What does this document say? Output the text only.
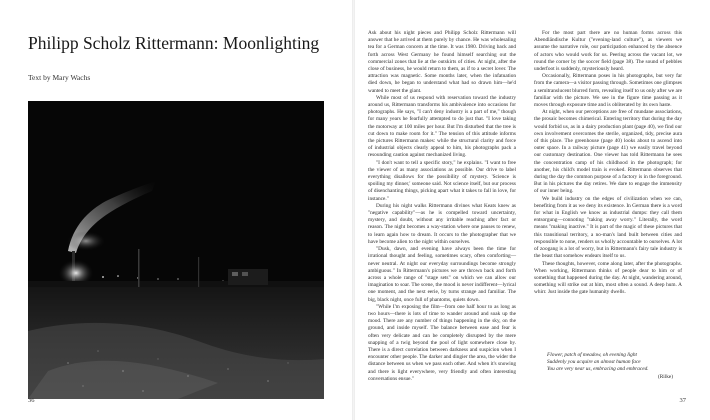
Philipp Scholz Rittermann: Moonlighting

Text by Mary Wachs

36

Ask about his night pieces and Philipp Scholz Rittermann will answer that he arrived at them purely by chance. He was wholesaling tea for a German concern at the time. It was 1980. Driving back and forth across West Germany he found himself searching out the commercial zones that lie at the outskirts of cities. At night, after the close of business, he would return to them, as if to a secret lover. The attraction was magnetic. Some months later, when the infatuation died down, he began to understand what had so drawn him—he'd wanted to meet the giant.

While most of us respond with reservation toward the industry around us, Rittermann transforms his ambivalence into occasions for photographs. He says, "I can't deny industry is a part of me," though for many years he fearfully attempted to do just that. "I love taking the motorway at 100 miles per hour. But I'm disturbed that the tree is cut down to make room for it." The tension of this attitude informs the pictures Rittermann makes: while the structural clarity and force of industrial objects clearly appeal to him, his photographs pack a resounding caution against mechanized living.

"I don't want to tell a specific story," he explains. "I want to free the viewer of as many associations as possible. Our drive to label everything disallows for the possibility of mystery. 'Science is spoiling my dinner,' someone said. Not science itself, but our process of disenchanting things, picking apart what it takes to fall in love, for instance."

During his night walks Rittermann divines what Keats knew as "negative capability"—as he is compelled toward uncertainty, mystery, and doubt, without any irritable reaching after fact or reason. The night becomes a way-station where one pauses to renew, to learn again how to dream. It occurs to the photographer that we have become alien to the night within ourselves.

"Dusk, dawn, and evening have always been the time for irrational thought and feeling, sometimes scary, often comforting—never neutral. At night our everyday surroundings become strongly ambiguous." In Rittermann's pictures we are thrown back and forth across a whole range of "stage sets" on which we can allow our imagination to soar. The scene, the mood is never indifferent—lyrical one moment, and the next eerie, by turns strange and familiar. The big, black night, once full of phantoms, quiets down.

"While I'm exposing the film—from one half hour to as long as two hours—there is lots of time to wander around and soak up the mood. There are any number of things happening in the sky, on the ground, and inside myself. The balance between ease and fear is often very delicate and can be completely disrupted by the mere snapping of a twig beyond the pool of light somewhere close by. There is a direct correlation between darkness and suspicion when I encounter other people. The darker and dingier the area, the wider the distance between us when we pass each other. And when it's snowing and there is light everywhere, very friendly and often interesting conversations ensue."

For the most part there are no human forms across this Abendländische Kultur ("evening-land culture"), as viewers we assume the narrative role, our participation enhanced by the absence of actors who would work for us. Peering across the vacant lot, we round the corner by the soccer field (page 38). The sound of pebbles underfoot is suddenly, mysteriously heard.

Occasionally, Rittermann poses in his photographs, but very far from the camera—a visitor passing through. Sometimes one glimpses a semitranslucent blurred form, revealing itself to us only after we are familiar with the picture. We see in the figure time passing as it moves through exposure time and is obliterated by its own haste.

At night, when our perceptions are free of mundane associations, the prosaic becomes chimerical. Entering territory that during the day would forbid us, as in a dairy production plant (page 40), we find our own involvement overcomes the sterile, organized, tidy, precise aura of this place. The greenhouse (page 40) looks about to ascend into outer space. In a railway picture (page 41) we easily travel beyond our customary destination. One viewer has told Rittermann he sees the concentration camp of his childhood in the photograph; for another, his child's model train is evoked. Rittermann observes that during the day the common purpose of a factory is in the foreground. But in his pictures the day retires. We dare to engage the immensity of our inner being.

We build industry on the edges of civilization when we can, benefiting from it as we deny its existence. In German there is a word for what in English we know as industrial dumps: they call them entsorgung—connoting "taking away worry." Literally, the word means "making inactive." It is part of the magic of these pictures that this transitional territory, a no-man's land built between cities and responsible to none, renders us wholly accountable to ourselves. A lot of zoogang is a lot of worry, but in Rittermann's fairy tale industry is the beast that somehow endears itself to us.

These thoughts, however, come along later, after the photographs. When working, Rittermann thinks of people dear to him or of something that happened during the day. At night, wandering around, something will strike out at him, most often a sound. A deep hum. A whirr. Just inside the gate humanity dwells.

Flower, patch of meadow, oh evening light
Suddenly you acquire an almost human face
You are very near us, embracing and embraced.
(Rilke)

37
